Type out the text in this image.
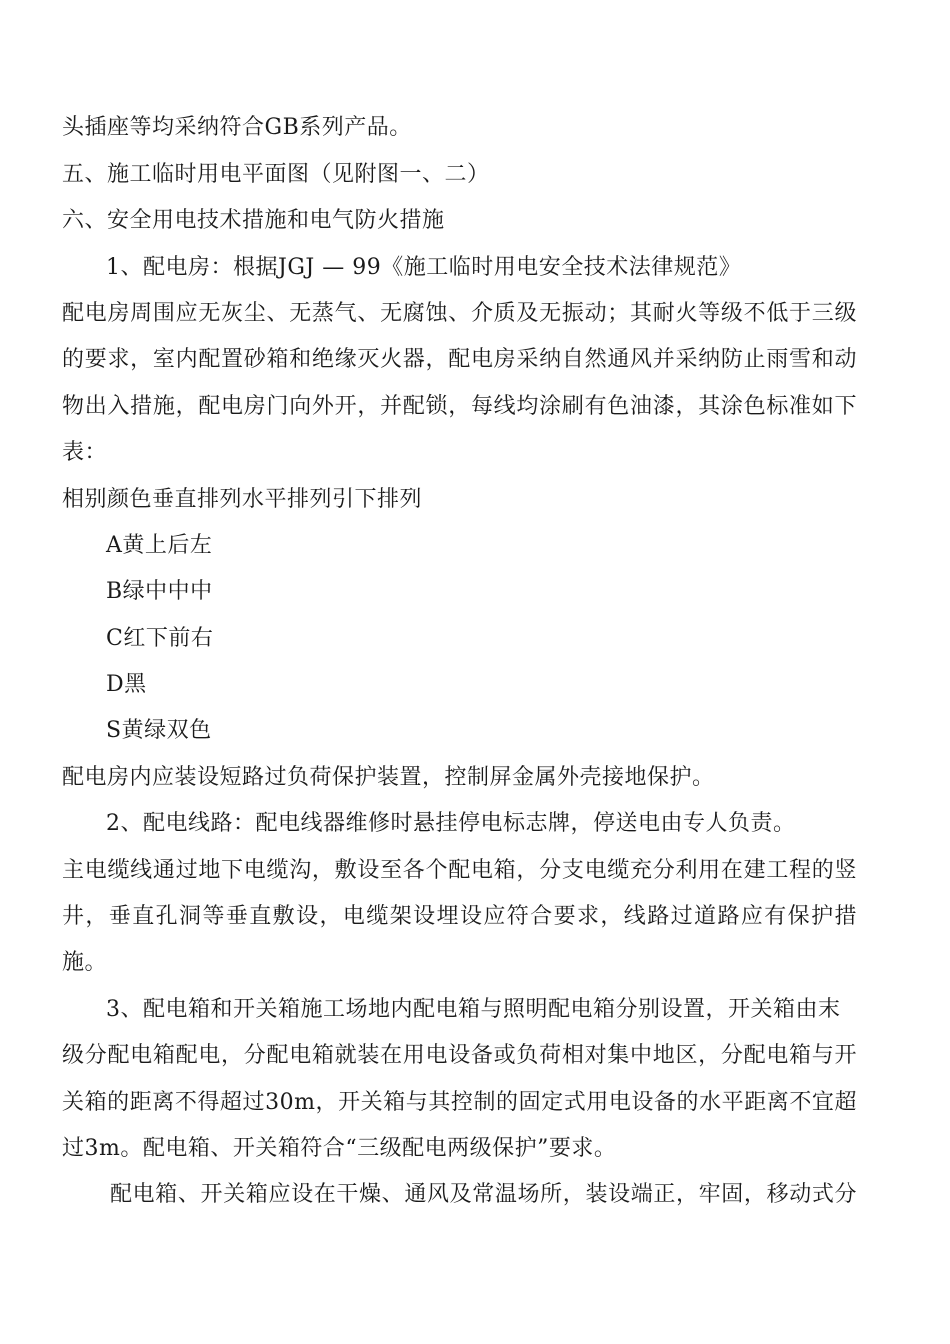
头插座等均采纳符合GB系列产品。
五、施工临时用电平面图（见附图一、二）
六、安全用电技术措施和电气防火措施
1、配电房：根据JGJ — 99《施工临时用电安全技术法律规范》
配电房周围应无灰尘、无蒸气、无腐蚀、介质及无振动；其耐火等级不低于三级
的要求，室内配置砂箱和绝缘灭火器，配电房采纳自然通风并采纳防止雨雪和动
物出入措施，配电房门向外开，并配锁，每线均涂刷有色油漆，其涂色标准如下
表：
相别颜色垂直排列水平排列引下排列
A黄上后左
B绿中中中
C红下前右
D黑
S黄绿双色
配电房内应装设短路过负荷保护装置，控制屏金属外壳接地保护。
2、配电线路：配电线器维修时悬挂停电标志牌，停送电由专人负责。
主电缆线通过地下电缆沟，敷设至各个配电箱，分支电缆充分利用在建工程的竖
井，垂直孔洞等垂直敷设，电缆架设埋设应符合要求，线路过道路应有保护措
施。
3、配电箱和开关箱施工场地内配电箱与照明配电箱分别设置，开关箱由末
级分配电箱配电，分配电箱就装在用电设备或负荷相对集中地区，分配电箱与开
关箱的距离不得超过30m，开关箱与其控制的固定式用电设备的水平距离不宜超
过3m。配电箱、开关箱符合“三级配电两级保护”要求。
配电箱、开关箱应设在干燥、通风及常温场所，装设端正，牢固，移动式分
